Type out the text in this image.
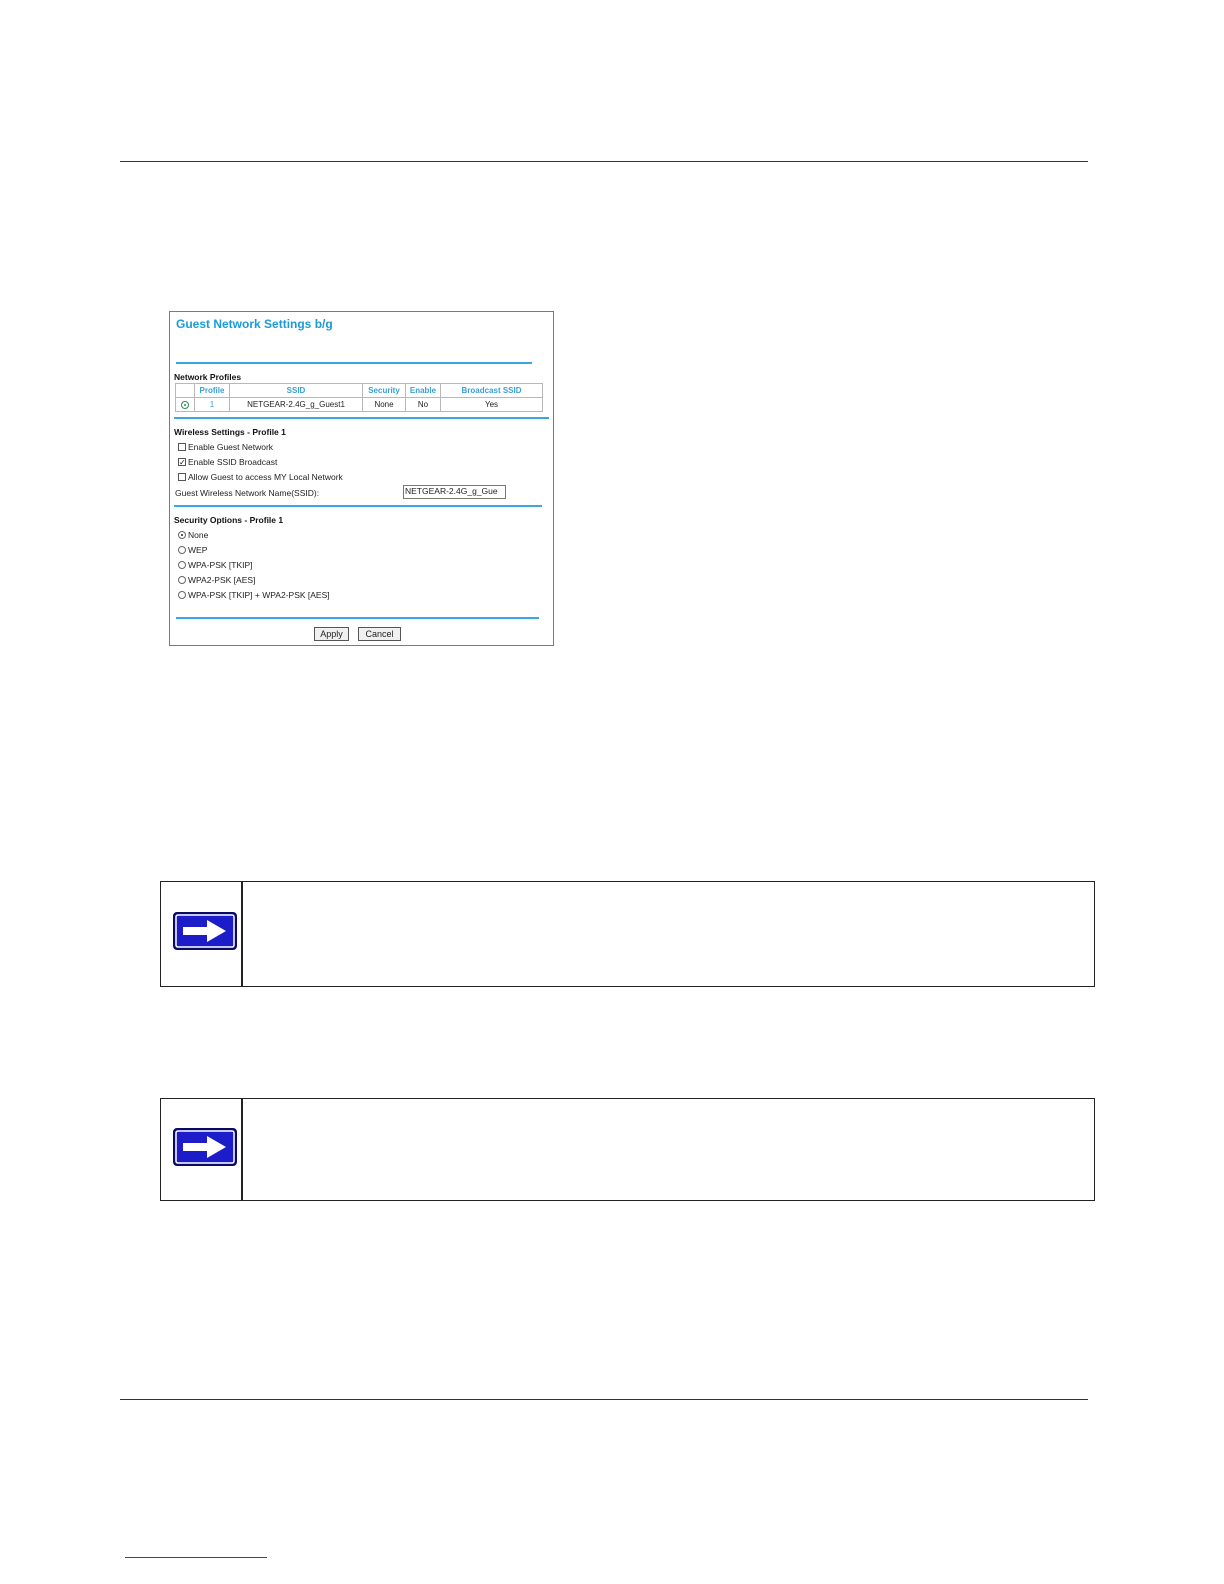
Guest Network Settings b/g
Network Profiles
	Profile	SSID	Security	Enable	Broadcast SSID
	1	NETGEAR-2.4G_g_Guest1	None	No	Yes
Wireless Settings - Profile 1
Enable Guest Network
✓ Enable SSID Broadcast
Allow Guest to access MY Local Network
Guest Wireless Network Name(SSID):	NETGEAR-2.4G_g_Gue
Security Options - Profile 1
None
WEP
WPA-PSK [TKIP]
WPA2-PSK [AES]
WPA-PSK [TKIP] + WPA2-PSK [AES]
Apply	Cancel
